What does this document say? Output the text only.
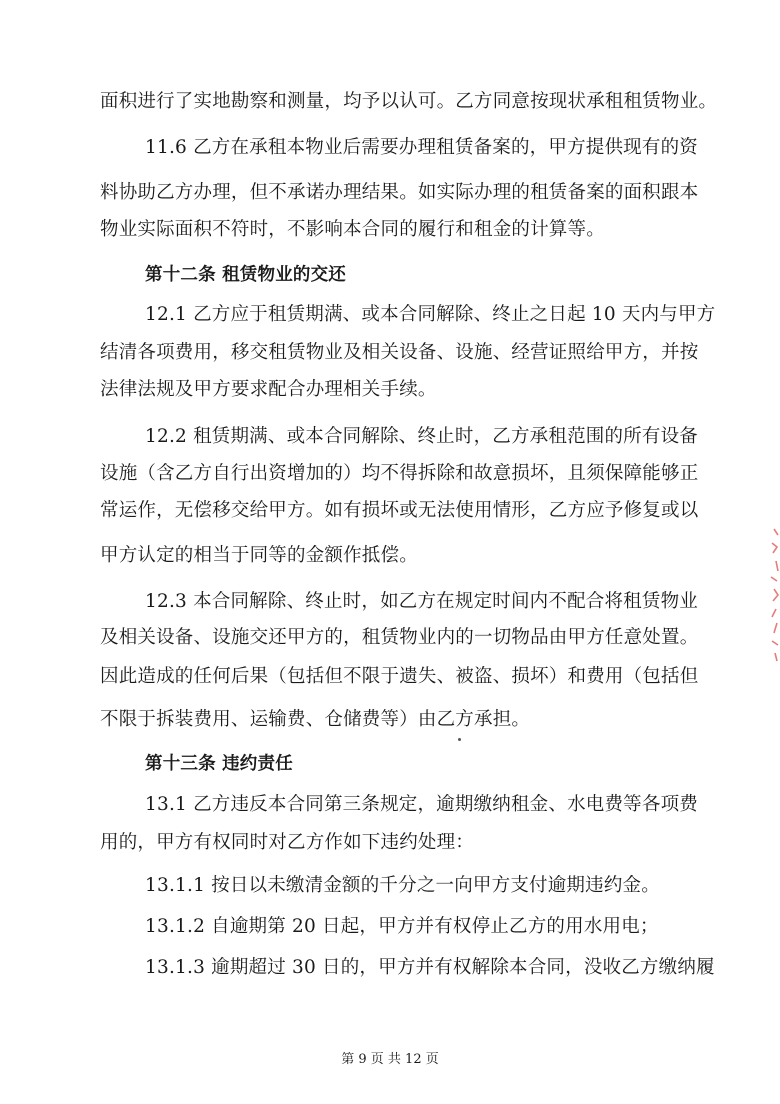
面积进行了实地勘察和测量，均予以认可。乙方同意按现状承租租赁物业。
11.6 乙方在承租本物业后需要办理租赁备案的，甲方提供现有的资
料协助乙方办理，但不承诺办理结果。如实际办理的租赁备案的面积跟本
物业实际面积不符时，不影响本合同的履行和租金的计算等。
第十二条 租赁物业的交还
12.1 乙方应于租赁期满、或本合同解除、终止之日起 10 天内与甲方
结清各项费用，移交租赁物业及相关设备、设施、经营证照给甲方，并按
法律法规及甲方要求配合办理相关手续。
12.2 租赁期满、或本合同解除、终止时，乙方承租范围的所有设备
设施（含乙方自行出资增加的）均不得拆除和故意损坏，且须保障能够正
常运作，无偿移交给甲方。如有损坏或无法使用情形，乙方应予修复或以
甲方认定的相当于同等的金额作抵偿。
12.3 本合同解除、终止时，如乙方在规定时间内不配合将租赁物业
及相关设备、设施交还甲方的，租赁物业内的一切物品由甲方任意处置。
因此造成的任何后果（包括但不限于遗失、被盗、损坏）和费用（包括但
不限于拆装费用、运输费、仓储费等）由乙方承担。
第十三条 违约责任
13.1 乙方违反本合同第三条规定，逾期缴纳租金、水电费等各项费
用的，甲方有权同时对乙方作如下违约处理：
13.1.1 按日以未缴清金额的千分之一向甲方支付逾期违约金。
13.1.2 自逾期第 20 日起，甲方并有权停止乙方的用水用电；
13.1.3 逾期超过 30 日的，甲方并有权解除本合同，没收乙方缴纳履
第 9 页 共 12 页
